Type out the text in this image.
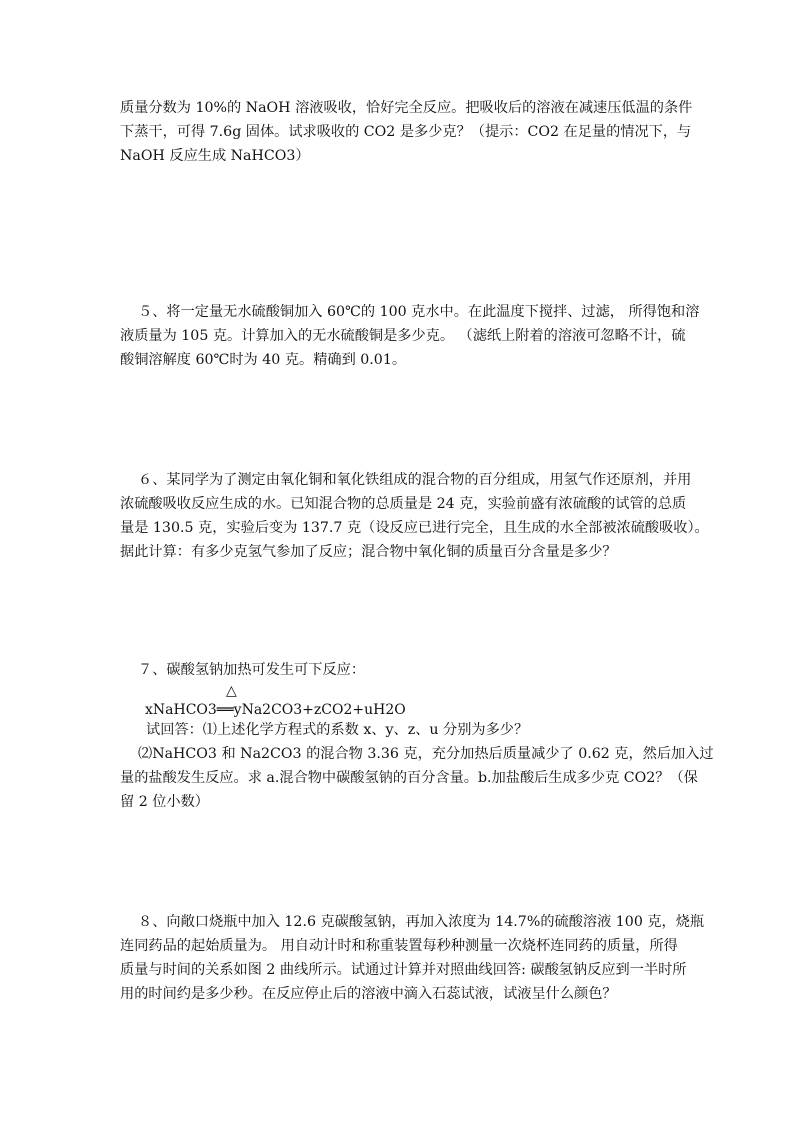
质量分数为 10%的 NaOH 溶液吸收，恰好完全反应。把吸收后的溶液在减速压低温的条件
下蒸干，可得 7.6g 固体。试求吸收的 CO2 是多少克？（提示：CO2 在足量的情况下，与
NaOH 反应生成 NaHCO3）
５、将一定量无水硫酸铜加入 60℃的 100 克水中。在此温度下搅拌、过滤， 所得饱和溶
液质量为 105 克。计算加入的无水硫酸铜是多少克。 （滤纸上附着的溶液可忽略不计，硫
酸铜溶解度 60℃时为 40 克。精确到 0.01。
６、某同学为了测定由氧化铜和氧化铁组成的混合物的百分组成，用氢气作还原剂，并用
浓硫酸吸收反应生成的水。已知混合物的总质量是 24 克，实验前盛有浓硫酸的试管的总质
量是 130.5 克，实验后变为 137.7 克（设反应已进行完全，且生成的水全部被浓硫酸吸收）。
据此计算：有多少克氢气参加了反应；混合物中氧化铜的质量百分含量是多少？
７、碳酸氢钠加热可发生可下反应：
△
xNaHCO3══yNa2CO3+zCO2+uH2O
试回答：⑴上述化学方程式的系数 x、y、z、u 分别为多少？
⑵NaHCO3 和 Na2CO3 的混合物 3.36 克，充分加热后质量减少了 0.62 克，然后加入过
量的盐酸发生反应。求 a.混合物中碳酸氢钠的百分含量。b.加盐酸后生成多少克 CO2？（保
留 2 位小数）
８、向敞口烧瓶中加入 12.6 克碳酸氢钠，再加入浓度为 14.7%的硫酸溶液 100 克，烧瓶
连同药品的起始质量为。 用自动计时和称重装置每秒种测量一次烧杯连同药的质量，所得
质量与时间的关系如图 2 曲线所示。试通过计算并对照曲线回答: 碳酸氢钠反应到一半时所
用的时间约是多少秒。在反应停止后的溶液中滴入石蕊试液，试液呈什么颜色？
